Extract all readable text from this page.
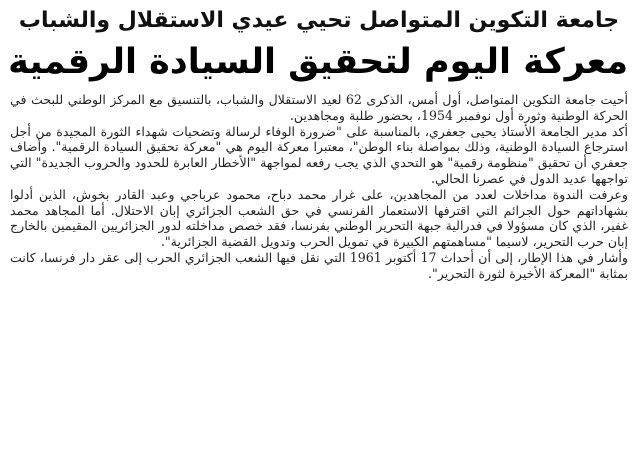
جامعة التكوين المتواصل تحيي عيدي الاستقلال والشباب
معركة اليوم لتحقيق السيادة الرقمية

أحيت جامعة التكوين المتواصل، أول أمس، الذكرى 62 لعيد الاستقلال والشباب، بالتنسيق مع المركز الوطني للبحث في الحركة الوطنية وثورة أول نوفمبر 1954، بحضور طلبة ومجاهدين.

أكد مدير الجامعة الأستاذ يحيى جعفري، بالمناسبة على "ضرورة الوفاء لرسالة وتضحيات شهداء الثورة المجيدة من أجل استرجاع السيادة الوطنية، وذلك بمواصلة بناء الوطن"، معتبرا معركة اليوم هي "معركة تحقيق السيادة الرقمية". وأضاف جعفري أن تحقيق "منظومة رقمية" هو التحدي الذي يجب رفعه لمواجهة "الأخطار العابرة للحدود والحروب الجديدة" التي تواجهها عديد الدول في عصرنا الحالي.

وعرفت الندوة مداخلات لعدد من المجاهدين، على غرار محمد دباح، محمود عرباجي وعبد القادر بخوش، الذين أدلوا بشهاداتهم حول الجرائم التي اقترفها الاستعمار الفرنسي في حق الشعب الجزائري إبان الاحتلال. أما المجاهد محمد غفير، الذي كان مسؤولا في فدرالية جبهة التحرير الوطني بفرنسا، فقد خصص مداخلته لدور الجزائريين المقيمين بالخارج إبان حرب التحرير، لاسيما "مساهمتهم الكبيرة في تمويل الحرب وتدويل القضية الجزائرية".

وأشار في هذا الإطار، إلى أن أحداث 17 أكتوبر 1961 التي نقل فيها الشعب الجزائري الحرب إلى عقر دار فرنسا، كانت بمثابة "المعركة الأخيرة لثورة التحرير".
